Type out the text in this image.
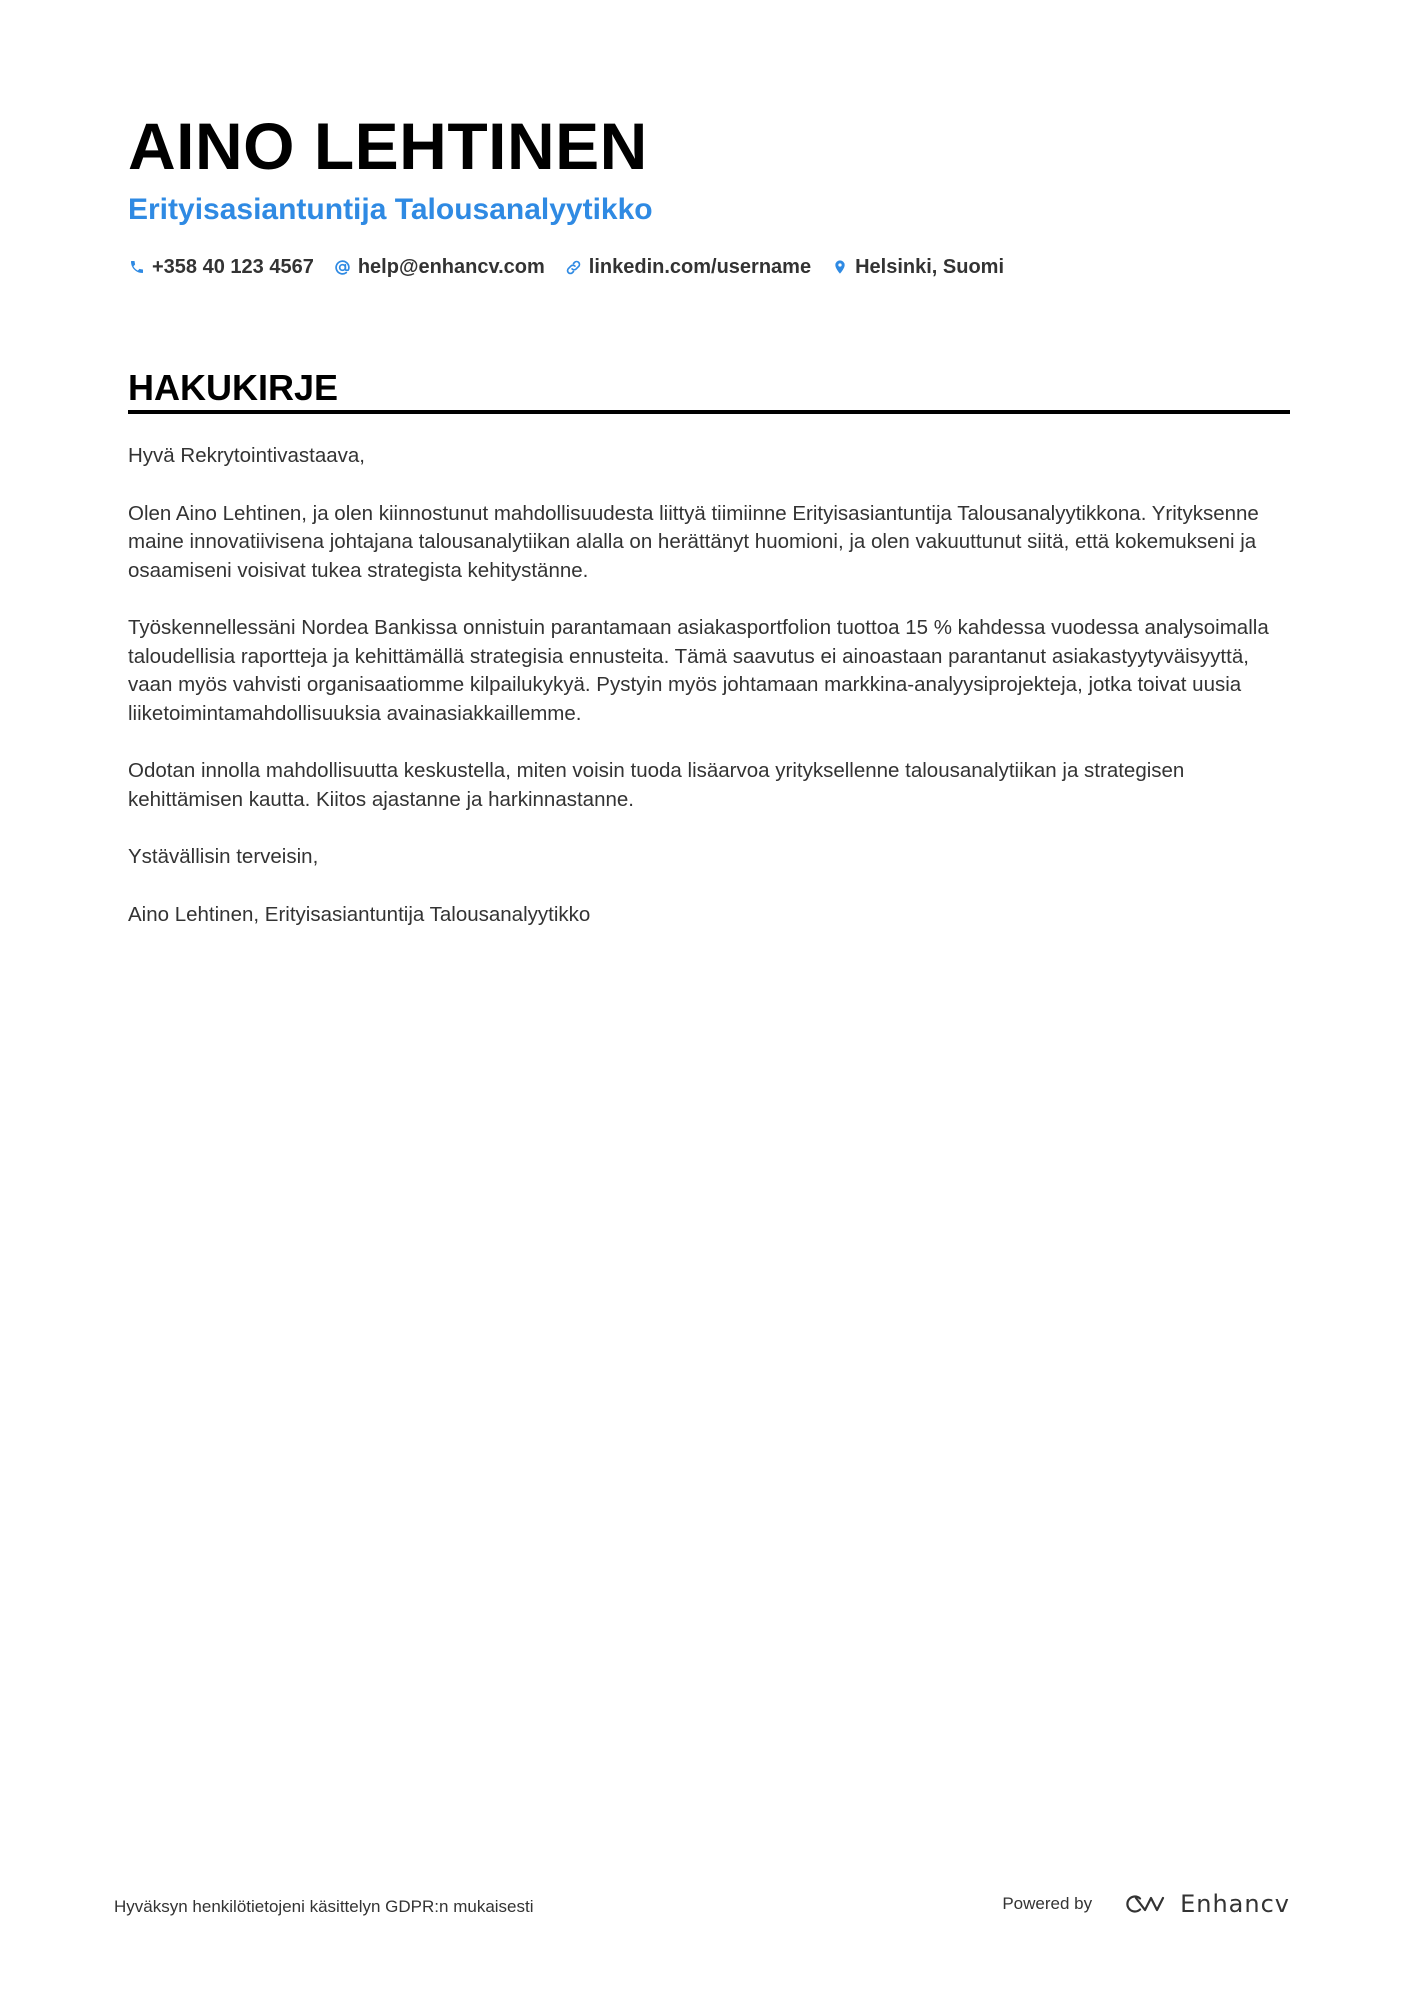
AINO LEHTINEN
Erityisasiantuntija Talousanalyytikko
+358 40 123 4567 help@enhancv.com linkedin.com/username Helsinki, Suomi
HAKUKIRJE

Hyvä Rekrytointivastaava,

Olen Aino Lehtinen, ja olen kiinnostunut mahdollisuudesta liittyä tiimiinne Erityisasiantuntija Talousanalyytikkona. Yrityksenne maine innovatiivisena johtajana talousanalytiikan alalla on herättänyt huomioni, ja olen vakuuttunut siitä, että kokemukseni ja osaamiseni voisivat tukea strategista kehitystänne.

Työskennellessäni Nordea Bankissa onnistuin parantamaan asiakasportfolion tuottoa 15 % kahdessa vuodessa analysoimalla taloudellisia raportteja ja kehittämällä strategisia ennusteita. Tämä saavutus ei ainoastaan parantanut asiakastyytyväisyyttä, vaan myös vahvisti organisaatiomme kilpailukykyä. Pystyin myös johtamaan markkina-analyysiprojekteja, jotka toivat uusia liiketoimintamahdollisuuksia avainasiakkaillemme.

Odotan innolla mahdollisuutta keskustella, miten voisin tuoda lisäarvoa yrityksellenne talousanalytiikan ja strategisen kehittämisen kautta. Kiitos ajastanne ja harkinnastanne.

Ystävällisin terveisin,

Aino Lehtinen, Erityisasiantuntija Talousanalyytikko

Hyväksyn henkilötietojeni käsittelyn GDPR:n mukaisesti	Powered by	Enhancv
